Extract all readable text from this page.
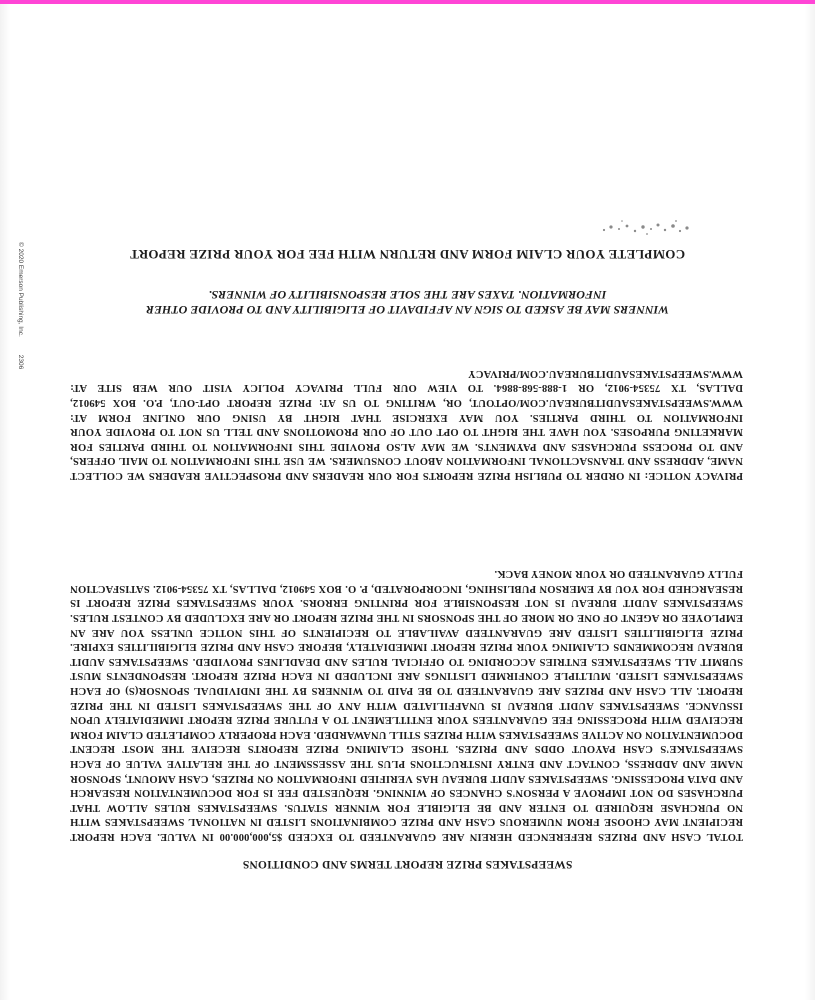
SWEEPSTAKES PRIZE REPORT TERMS AND CONDITIONS
TOTAL CASH AND PRIZES REFERENCED HEREIN ARE GUARANTEED TO EXCEED $5,000,000.00 IN VALUE. EACH REPORT RECIPIENT MAY CHOOSE FROM NUMEROUS CASH AND PRIZE COMBINATIONS LISTED IN NATIONAL SWEEPSTAKES WITH NO PURCHASE REQUIRED TO ENTER AND BE ELIGIBLE FOR WINNER STATUS. SWEEPSTAKES RULES ALLOW THAT PURCHASES DO NOT IMPROVE A PERSON'S CHANCES OF WINNING. REQUESTED FEE IS FOR DOCUMENTATION RESEARCH AND DATA PROCESSING. SWEEPSTAKES AUDIT BUREAU HAS VERIFIED INFORMATION ON PRIZES, CASH AMOUNT, SPONSOR NAME AND ADDRESS, CONTACT AND ENTRY INSTRUCTIONS PLUS THE ASSESSMENT OF THE RELATIVE VALUE OF EACH SWEEPSTAKE'S CASH PAYOUT ODDS AND PRIZES. THOSE CLAIMING PRIZE REPORTS RECEIVE THE MOST RECENT DOCUMENTATION ON ACTIVE SWEEPSTAKES WITH PRIZES STILL UNAWARDED. EACH PROPERLY COMPLETED CLAIM FORM RECEIVED WITH PROCESSING FEE GUARANTEES YOUR ENTITLEMENT TO A FUTURE PRIZE REPORT IMMEDIATELY UPON ISSUANCE. SWEEPSTAKES AUDIT BUREAU IS UNAFFILIATED WITH ANY OF THE SWEEPSTAKES LISTED IN THE PRIZE REPORT. ALL CASH AND PRIZES ARE GUARANTEED TO BE PAID TO WINNERS BY THE INDIVIDUAL SPONSOR(S) OF EACH SWEEPSTAKES LISTED. MULTIPLE CONFIRMED LISTINGS ARE INCLUDED IN EACH PRIZE REPORT. RESPONDENTS MUST SUBMIT ALL SWEEPSTAKES ENTRIES ACCORDING TO OFFICIAL RULES AND DEADLINES PROVIDED. SWEEPSTAKES AUDIT BUREAU RECOMMENDS CLAIMING YOUR PRIZE REPORT IMMEDIATELY, BEFORE CASH AND PRIZE ELIGIBILITIES EXPIRE. PRIZE ELIGIBILITIES LISTED ARE GUARANTEED AVAILABLE TO RECIPIENTS OF THIS NOTICE UNLESS YOU ARE AN EMPLOYEE OR AGENT OF ONE OR MORE OF THE SPONSORS IN THE PRIZE REPORT OR ARE EXCLUDED BY CONTEST RULES. SWEEPSTAKES AUDIT BUREAU IS NOT RESPONSIBLE FOR PRINTING ERRORS. YOUR SWEEPSTAKES PRIZE REPORT IS RESEARCHED FOR YOU BY EMERSON PUBLISHING, INCORPORATED, P. O. BOX 549012, DALLAS, TX 75354-9012. SATISFACTION FULLY GUARANTEED OR YOUR MONEY BACK.
PRIVACY NOTICE: IN ORDER TO PUBLISH PRIZE REPORTS FOR OUR READERS AND PROSPECTIVE READERS WE COLLECT NAME, ADDRESS AND TRANSACTIONAL INFORMATION ABOUT CONSUMERS. WE USE THIS INFORMATION TO MAIL OFFERS, AND TO PROCESS PURCHASES AND PAYMENTS. WE MAY ALSO PROVIDE THIS INFORMATION TO THIRD PARTIES FOR MARKETING PURPOSES. YOU HAVE THE RIGHT TO OPT OUT OF OUR PROMOTIONS AND TELL US NOT TO PROVIDE YOUR INFORMATION TO THIRD PARTIES. YOU MAY EXERCISE THAT RIGHT BY USING OUR ONLINE FORM AT: WWW.SWEEPSTAKESAUDITBUREAU.COM/OPTOUT, OR, WRITING TO US AT: PRIZE REPORT OPT-OUT, P.O. BOX 549012, DALLAS, TX 75354-9012, OR 1-888-568-8864. TO VIEW OUR FULL PRIVACY POLICY VISIT OUR WEB SITE AT: WWW.SWEEPSTAKESAUDITBUREAU.COM/PRIVACY
WINNERS MAY BE ASKED TO SIGN AN AFFIDAVIT OF ELIGIBILITY AND TO PROVIDE OTHER INFORMATION. TAXES ARE THE SOLE RESPONSIBILITY OF WINNERS.
COMPLETE YOUR CLAIM FORM AND RETURN WITH FEE FOR YOUR PRIZE REPORT
© 2020 Emerson Publishing, Inc.2306
